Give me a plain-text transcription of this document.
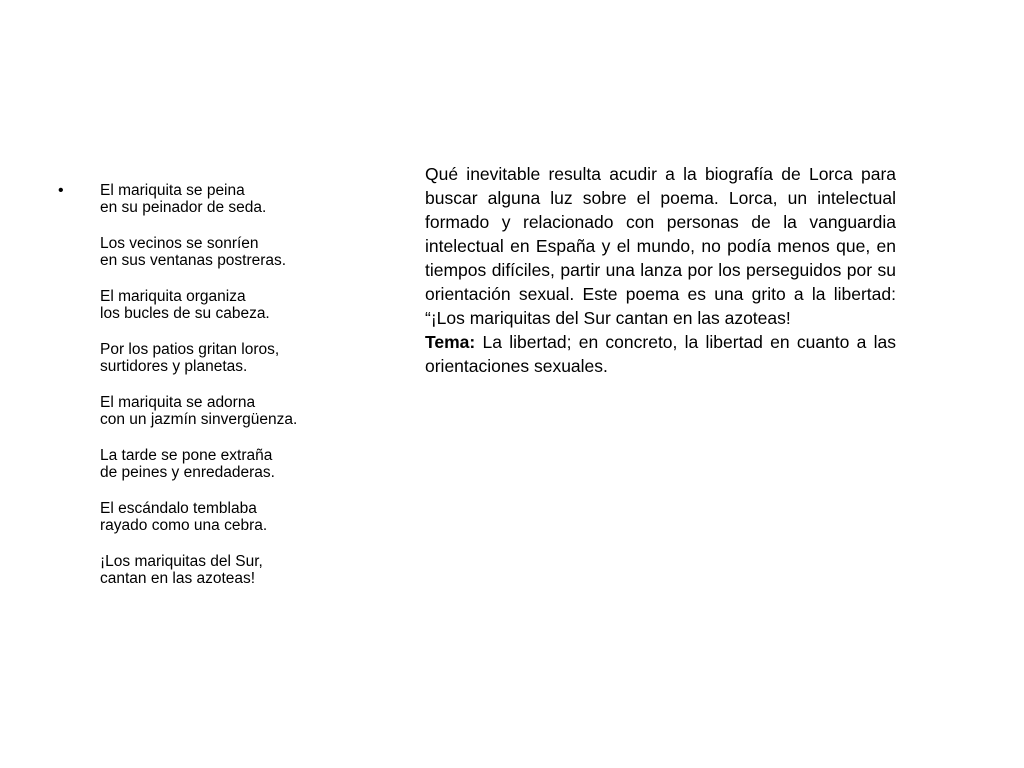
• El mariquita se peina
en su peinador de seda.
Los vecinos se sonríen
en sus ventanas postreras.
El mariquita organiza
los bucles de su cabeza.
Por los patios gritan loros,
surtidores y planetas.
El mariquita se adorna
con un jazmín sinvergüenza.
La tarde se pone extraña
de peines y enredaderas.
El escándalo temblaba
rayado como una cebra.
¡Los mariquitas del Sur,
cantan en las azoteas!

Qué inevitable resulta acudir a la biografía de Lorca para buscar alguna luz sobre el poema. Lorca, un intelectual formado y relacionado con personas de la vanguardia intelectual en España y el mundo, no podía menos que, en tiempos difíciles, partir una lanza por los perseguidos por su orientación sexual. Este poema es una grito a la libertad: “¡Los mariquitas del Sur cantan en las azoteas!

Tema: La libertad; en concreto, la libertad en cuanto a las orientaciones sexuales.
